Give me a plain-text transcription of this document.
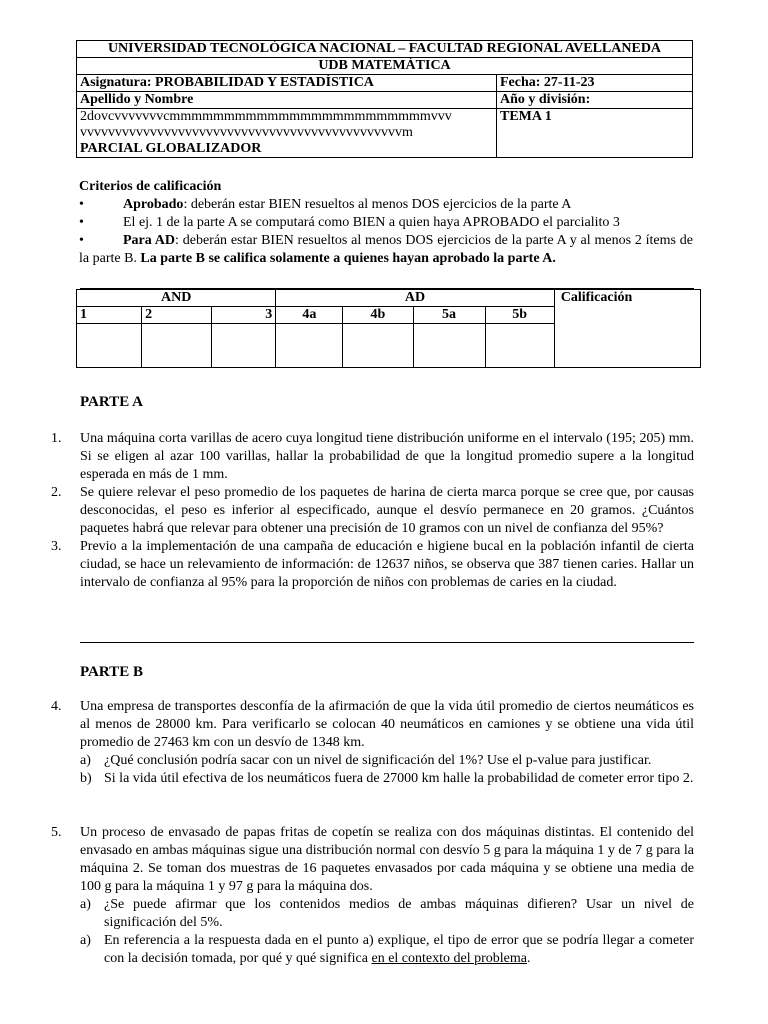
UNIVERSIDAD TECNOLÓGICA NACIONAL – FACULTAD REGIONAL AVELLANEDA	
UDB MATEMÁTICA	
Asignatura: PROBABILIDAD Y ESTADÍSTICA	Fecha: 27-11-23
Apellido y Nombre	Año y división:

2dovcvvvvvvvcmmmmmmmmmmmmmmmmmmmmmmmmvvv
vvvvvvvvvvvvvvvvvvvvvvvvvvvvvvvvvvvvvvvvvvvvvvm
PARCIAL GLOBALIZADOR	TEMA 1
Criterios de calificación
•	Aprobado: deberán estar BIEN resueltos al menos DOS ejercicios de la parte A
•	El ej. 1 de la parte A se computará como BIEN a quien haya APROBADO el parcialito 3
•	Para AD: deberán estar BIEN resueltos al menos DOS ejercicios de la parte A y al menos 2 ítems de la parte B. La parte B se califica solamente a quienes hayan aprobado la parte A.
AND			AD				Calificación
1	2	3	4a	4b	5a	5b	

PARTE A
1.	Una máquina corta varillas de acero cuya longitud tiene distribución uniforme en el intervalo (195; 205) mm. Si se eligen al azar 100 varillas, hallar la probabilidad de que la longitud promedio supere a la longitud esperada en más de 1 mm.
2.	Se quiere relevar el peso promedio de los paquetes de harina de cierta marca porque se cree que, por causas desconocidas, el peso es inferior al especificado, aunque el desvío permanece en 20 gramos. ¿Cuántos paquetes habrá que relevar para obtener una precisión de 10 gramos con un nivel de confianza del 95%?
3.	Previo a la implementación de una campaña de educación e higiene bucal en la población infantil de cierta ciudad, se hace un relevamiento de información: de 12637 niños, se observa que 387 tienen caries. Hallar un intervalo de confianza al 95% para la proporción de niños con problemas de caries en la ciudad.
PARTE B
4.	Una empresa de transportes desconfía de la afirmación de que la vida útil promedio de ciertos neumáticos es al menos de 28000 km. Para verificarlo se colocan 40 neumáticos en camiones y se obtiene una vida útil promedio de 27463 km con un desvío de 1348 km.
a) ¿Qué conclusión podría sacar con un nivel de significación del 1%? Use el p-value para justificar.
b) Si la vida útil efectiva de los neumáticos fuera de 27000 km halle la probabilidad de cometer error tipo 2.
5.	Un proceso de envasado de papas fritas de copetín se realiza con dos máquinas distintas. El contenido del envasado en ambas máquinas sigue una distribución normal con desvío 5 g para la máquina 1 y de 7 g para la máquina 2. Se toman dos muestras de 16 paquetes envasados por cada máquina y se obtiene una media de 100 g para la máquina 1 y 97 g para la máquina dos.
a) ¿Se puede afirmar que los contenidos medios de ambas máquinas difieren? Usar un nivel de significación del 5%.
a) En referencia a la respuesta dada en el punto a) explique, el tipo de error que se podría llegar a cometer con la decisión tomada, por qué y qué significa en el contexto del problema.
